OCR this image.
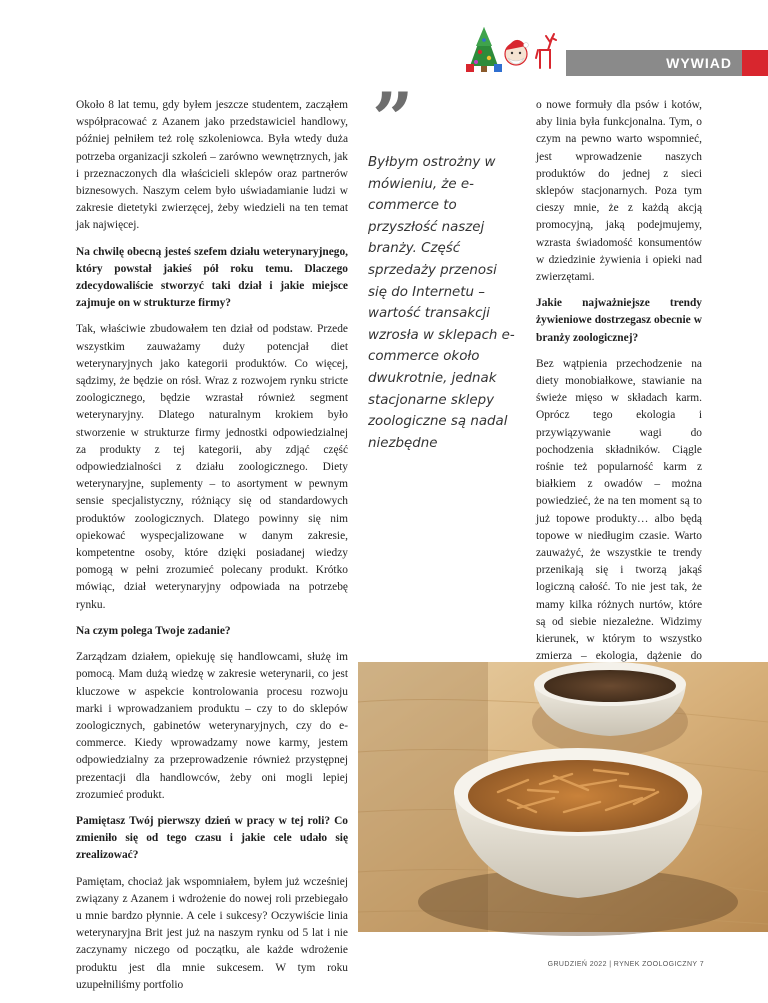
WYWIAD

Około 8 lat temu, gdy byłem jeszcze studentem, zacząłem współpracować z Azanem jako przedstawiciel handlowy, później pełniłem też rolę szkoleniowca. Była wtedy duża potrzeba organizacji szkoleń – zarówno wewnętrznych, jak i przeznaczonych dla właścicieli sklepów oraz partnerów biznesowych. Naszym celem było uświadamianie ludzi w zakresie dietetyki zwierzęcej, żeby wiedzieli na ten temat jak najwięcej.

Na chwilę obecną jesteś szefem działu weterynaryjnego, który powstał jakieś pół roku temu. Dlaczego zdecydowaliście stworzyć taki dział i jakie miejsce zajmuje on w strukturze firmy?

Tak, właściwie zbudowałem ten dział od podstaw. Przede wszystkim zauważamy duży potencjał diet weterynaryjnych jako kategorii produktów. Co więcej, sądzimy, że będzie on rósł. Wraz z rozwojem rynku stricte zoologicznego, będzie wzrastał również segment weterynaryjny. Dlatego naturalnym krokiem było stworzenie w strukturze firmy jednostki odpowiedzialnej za produkty z tej kategorii, aby zdjąć część odpowiedzialności z działu zoologicznego. Diety weterynaryjne, suplementy – to asortyment w pewnym sensie specjalistyczny, różniący się od standardowych produktów zoologicznych. Dlatego powinny się nim opiekować wyspecjalizowane w danym zakresie, kompetentne osoby, które dzięki posiadanej wiedzy pomogą w pełni zrozumieć polecany produkt. Krótko mówiąc, dział weterynaryjny odpowiada na potrzebę rynku.

Na czym polega Twoje zadanie?

Zarządzam działem, opiekuję się handlowcami, służę im pomocą. Mam dużą wiedzę w zakresie weterynarii, co jest kluczowe w aspekcie kontrolowania procesu rozwoju marki i wprowadzaniem produktu – czy to do sklepów zoologicznych, gabinetów weterynaryjnych, czy do e-commerce. Kiedy wprowadzamy nowe karmy, jestem odpowiedzialny za przeprowadzenie również przystępnej prezentacji dla handlowców, żeby oni mogli lepiej zrozumieć produkt.

Pamiętasz Twój pierwszy dzień w pracy w tej roli? Co zmieniło się od tego czasu i jakie cele udało się zrealizować?

Pamiętam, chociaż jak wspomniałem, byłem już wcześniej związany z Azanem i wdrożenie do nowej roli przebiegało u mnie bardzo płynnie. A cele i sukcesy? Oczywiście linia weterynaryjna Brit jest już na naszym rynku od 5 lat i nie zaczynamy niczego od początku, ale każde wdrożenie produktu jest dla mnie sukcesem. W tym roku uzupełniliśmy portfolio

”
Byłbym ostrożny w mówieniu, że e-commerce to przyszłość naszej branży. Część sprzedaży przenosi się do Internetu – wartość transakcji wzrosła w sklepach e-commerce około dwukrotnie, jednak stacjonarne sklepy zoologiczne są nadal niezbędne

o nowe formuły dla psów i kotów, aby linia była funkcjonalna. Tym, o czym na pewno warto wspomnieć, jest wprowadzenie naszych produktów do jednej z sieci sklepów stacjonarnych. Poza tym cieszy mnie, że z każdą akcją promocyjną, jaką podejmujemy, wzrasta świadomość konsumentów w dziedzinie żywienia i opieki nad zwierzętami.

Jakie najważniejsze trendy żywieniowe dostrzegasz obecnie w branży zoologicznej?

Bez wątpienia przechodzenie na diety monobiałkowe, stawianie na świeże mięso w składach karm. Oprócz tego ekologia i przywiązywanie wagi do pochodzenia składników. Ciągle rośnie też popularność karm z białkiem z owadów – można powiedzieć, że na ten moment są to już topowe produkty… albo będą topowe w niedługim czasie. Warto zauważyć, że wszystkie te trendy przenikają się i tworzą jakąś logiczną całość. To nie jest tak, że mamy kilka różnych nurtów, które są od siebie niezależne. Widzimy kierunek, w którym to wszystko zmierza – ekologia, dążenie do

GRUDZIEŃ 2022 | RYNEK ZOOLOGICZNY 7
